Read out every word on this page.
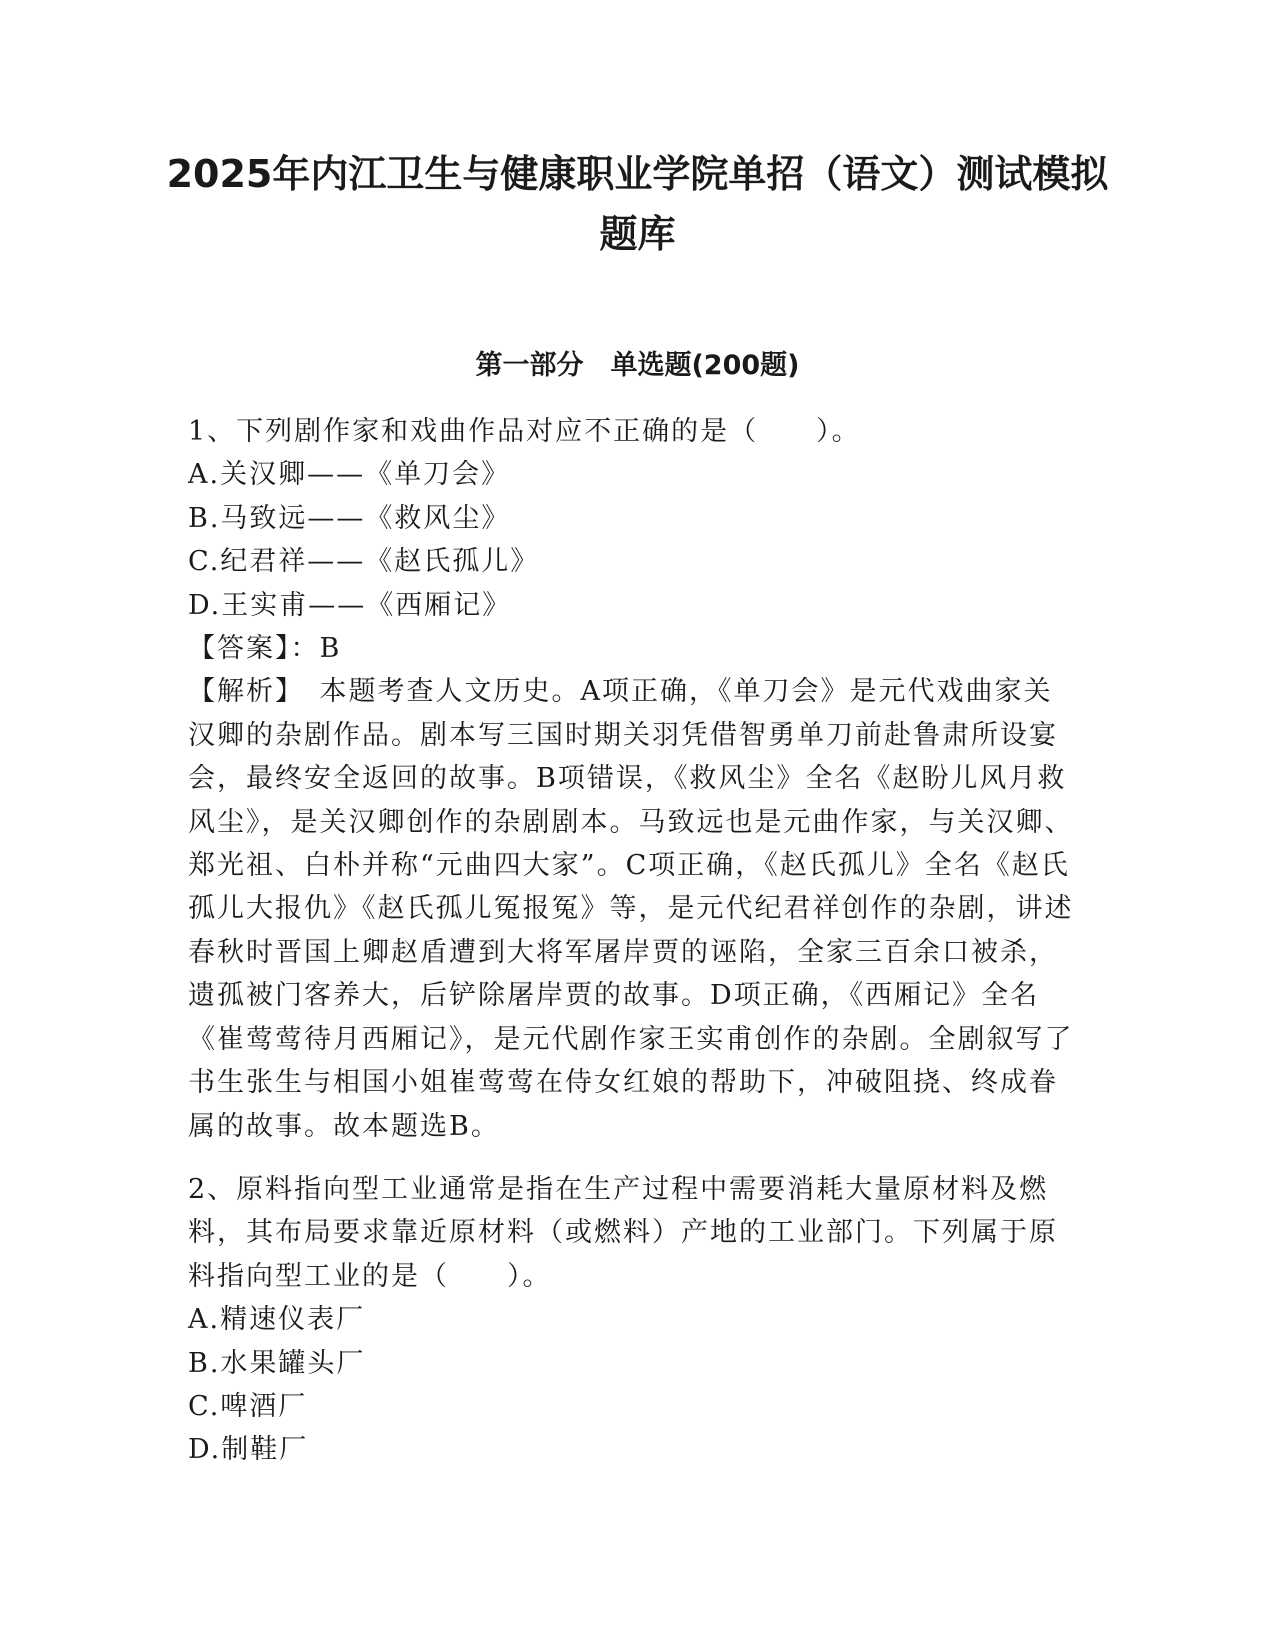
2025年内江卫生与健康职业学院单招（语文）测试模拟题库
第一部分　单选题(200题)

1、下列剧作家和戏曲作品对应不正确的是（　　）。

A.关汉卿——《单刀会》

B.马致远——《救风尘》

C.纪君祥——《赵氏孤儿》

D.王实甫——《西厢记》

【答案】：B

【解析】　本题考查人文历史。A项正确，《单刀会》是元代戏曲家关汉卿的杂剧作品。剧本写三国时期关羽凭借智勇单刀前赴鲁肃所设宴会，最终安全返回的故事。B项错误，《救风尘》全名《赵盼儿风月救风尘》，是关汉卿创作的杂剧剧本。马致远也是元曲作家，与关汉卿、郑光祖、白朴并称“元曲四大家”。C项正确，《赵氏孤儿》全名《赵氏孤儿大报仇》《赵氏孤儿冤报冤》等，是元代纪君祥创作的杂剧，讲述春秋时晋国上卿赵盾遭到大将军屠岸贾的诬陷，全家三百余口被杀，遗孤被门客养大，后铲除屠岸贾的故事。D项正确，《西厢记》全名《崔莺莺待月西厢记》，是元代剧作家王实甫创作的杂剧。全剧叙写了书生张生与相国小姐崔莺莺在侍女红娘的帮助下，冲破阻挠、终成眷属的故事。故本题选B。

2、原料指向型工业通常是指在生产过程中需要消耗大量原材料及燃料，其布局要求靠近原材料（或燃料）产地的工业部门。下列属于原料指向型工业的是（　　）。

A.精速仪表厂

B.水果罐头厂

C.啤酒厂

D.制鞋厂
